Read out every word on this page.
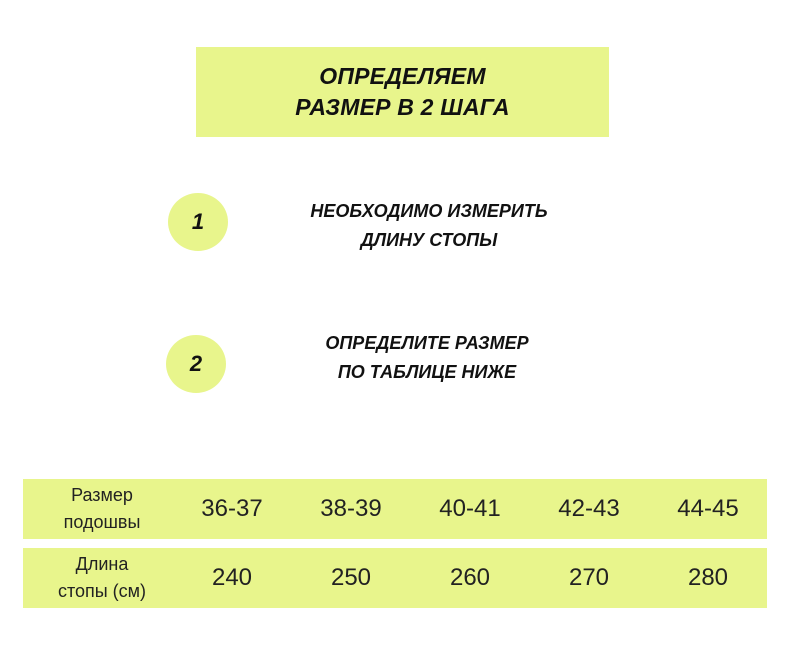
ОПРЕДЕЛЯЕМ
РАЗМЕР В 2 ШАГА
1	НЕОБХОДИМО ИЗМЕРИТЬ
ДЛИНУ СТОПЫ
2
ОПРЕДЕЛИТЕ РАЗМЕР
ПО ТАБЛИЦЕ НИЖЕ
Размер
подошвы	36-37	38-39	40-41	42-43	44-45
Длина
стопы (см)	240	250	260	270	280
